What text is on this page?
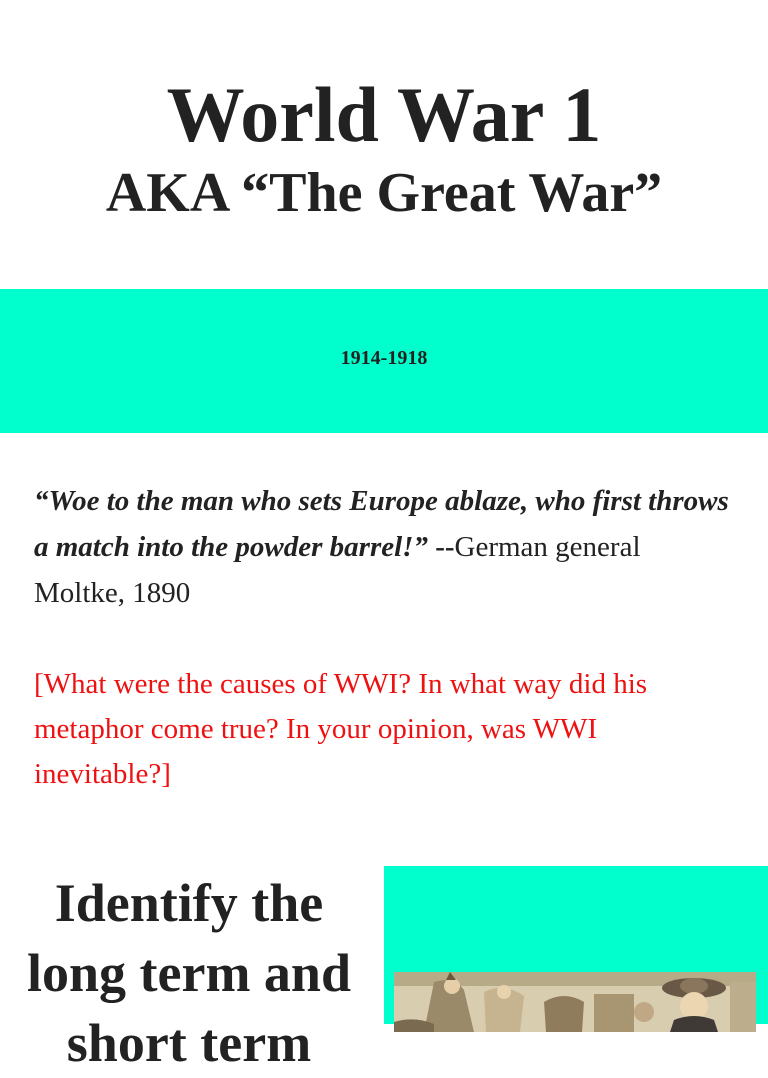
World War 1
AKA “The Great War”
1914-1918
“Woe to the man who sets Europe ablaze, who first throws a match into the powder barrel!” --German general Moltke, 1890
[What were the causes of WWI? In what way did his metaphor come true? In your opinion, was WWI inevitable?]
Identify the long term and short term
